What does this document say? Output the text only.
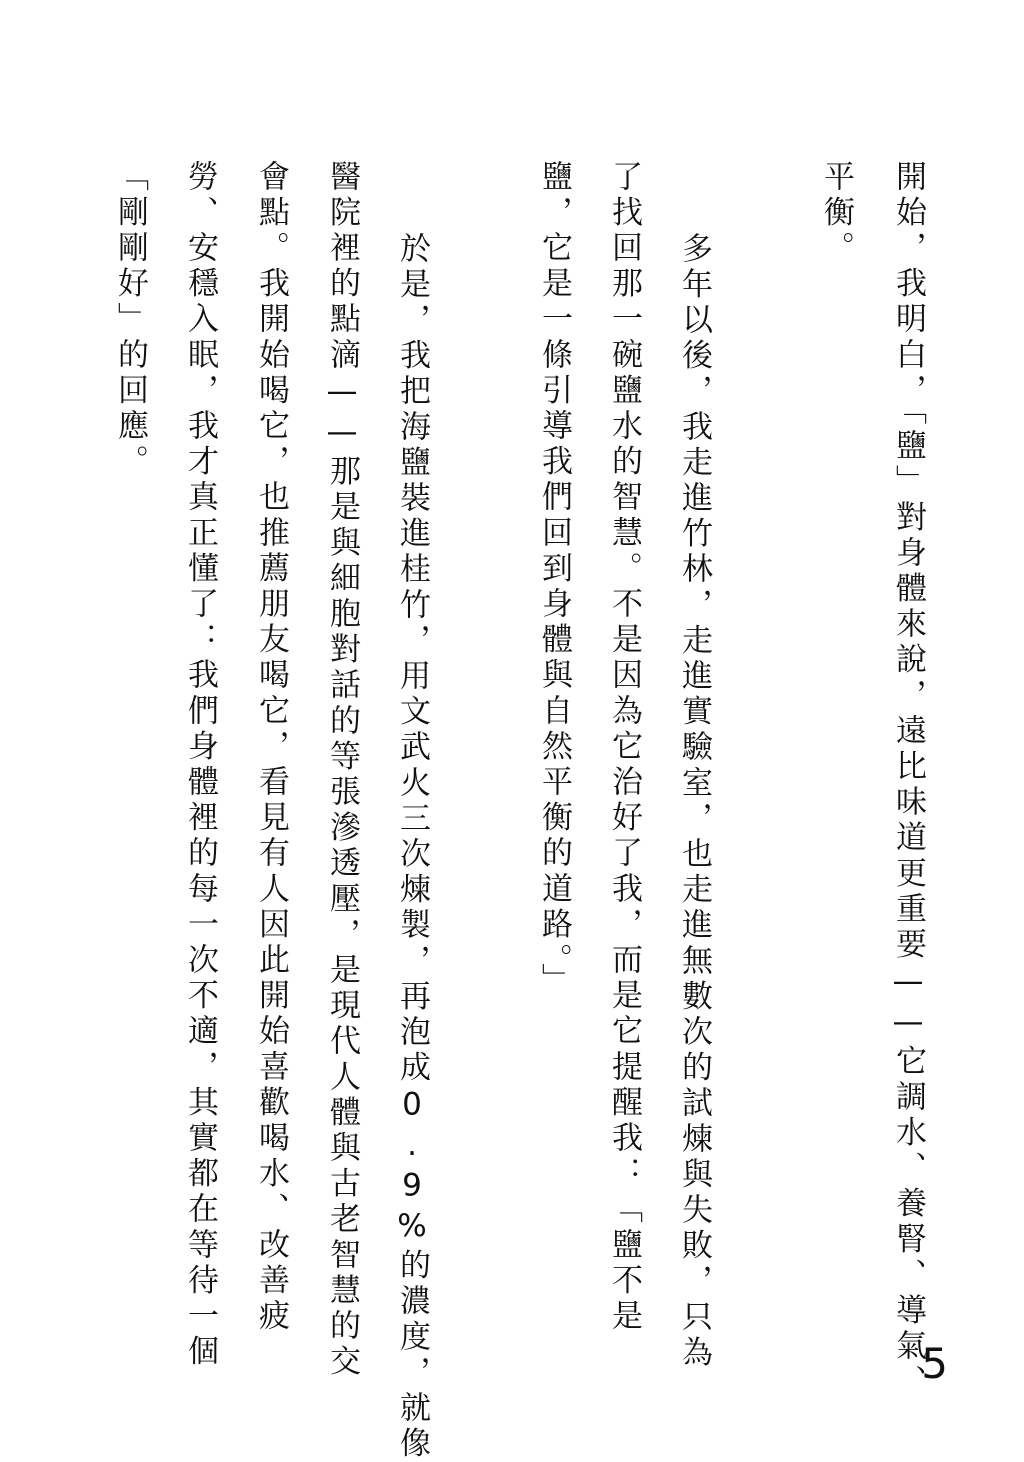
開始，我明白，「鹽」對身體來說，遠比味道更重要——它調水、養腎、導氣、
平衡。
多年以後，我走進竹林，走進實驗室，也走進無數次的試煉與失敗，只為
了找回那一碗鹽水的智慧。不是因為它治好了我，而是它提醒我：「鹽不是
鹽，它是一條引導我們回到身體與自然平衡的道路。」
於是，我把海鹽裝進桂竹，用文武火三次煉製，再泡成0.9%的濃度，就像
醫院裡的點滴——那是與細胞對話的等張滲透壓，是現代人體與古老智慧的交
會點。我開始喝它，也推薦朋友喝它，看見有人因此開始喜歡喝水、改善疲
勞、安穩入眠，我才真正懂了：我們身體裡的每一次不適，其實都在等待一個
「剛剛好」的回應。
5
